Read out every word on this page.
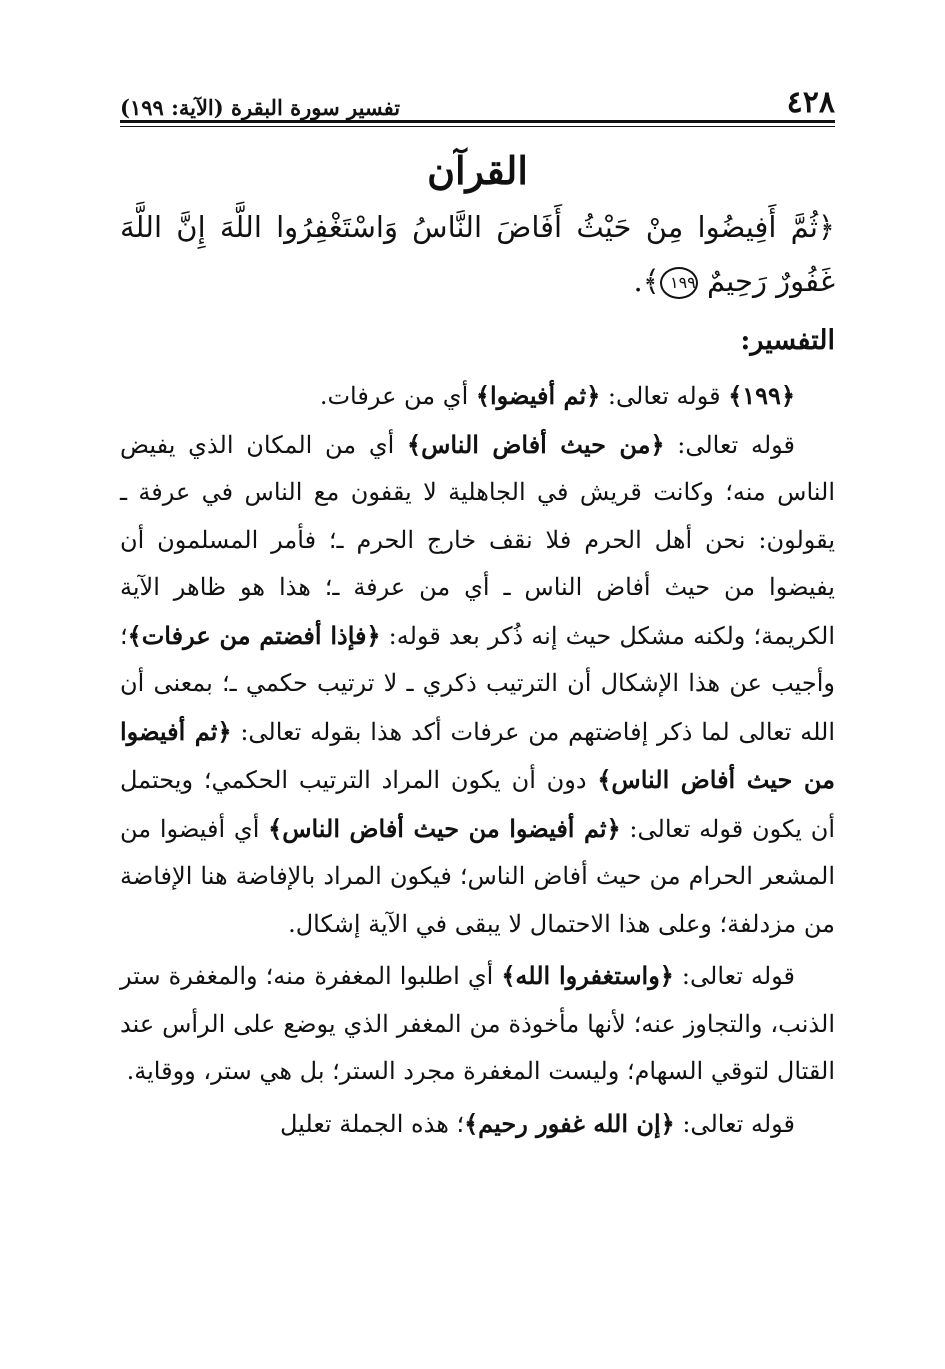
٤٢٨
تفسير سورة البقرة (الآية: ١٩٩)
القرآن
﴿ثُمَّ أَفِيضُوا مِنْ حَيْثُ أَفَاضَ النَّاسُ وَاسْتَغْفِرُوا اللَّهَ إِنَّ اللَّهَ غَفُورٌ رَحِيمٌ ١٩٩﴾.
التفسير:

﴿١٩٩﴾ قوله تعالى: ﴿ثم أفيضوا﴾ أي من عرفات.

قوله تعالى: ﴿من حيث أفاض الناس﴾ أي من المكان الذي يفيض الناس منه؛ وكانت قريش في الجاهلية لا يقفون مع الناس في عرفة ـ يقولون: نحن أهل الحرم فلا نقف خارج الحرم ـ؛ فأمر المسلمون أن يفيضوا من حيث أفاض الناس ـ أي من عرفة ـ؛ هذا هو ظاهر الآية الكريمة؛ ولكنه مشكل حيث إنه ذُكر بعد قوله: ﴿فإذا أفضتم من عرفات﴾؛ وأجيب عن هذا الإشكال أن الترتيب ذكري ـ لا ترتيب حكمي ـ؛ بمعنى أن الله تعالى لما ذكر إفاضتهم من عرفات أكد هذا بقوله تعالى: ﴿ثم أفيضوا من حيث أفاض الناس﴾ دون أن يكون المراد الترتيب الحكمي؛ ويحتمل أن يكون قوله تعالى: ﴿ثم أفيضوا من حيث أفاض الناس﴾ أي أفيضوا من المشعر الحرام من حيث أفاض الناس؛ فيكون المراد بالإفاضة هنا الإفاضة من مزدلفة؛ وعلى هذا الاحتمال لا يبقى في الآية إشكال.

قوله تعالى: ﴿واستغفروا الله﴾ أي اطلبوا المغفرة منه؛ والمغفرة ستر الذنب، والتجاوز عنه؛ لأنها مأخوذة من المغفر الذي يوضع على الرأس عند القتال لتوقي السهام؛ وليست المغفرة مجرد الستر؛ بل هي ستر، ووقاية.

قوله تعالى: ﴿إن الله غفور رحيم﴾؛ هذه الجملة تعليل
